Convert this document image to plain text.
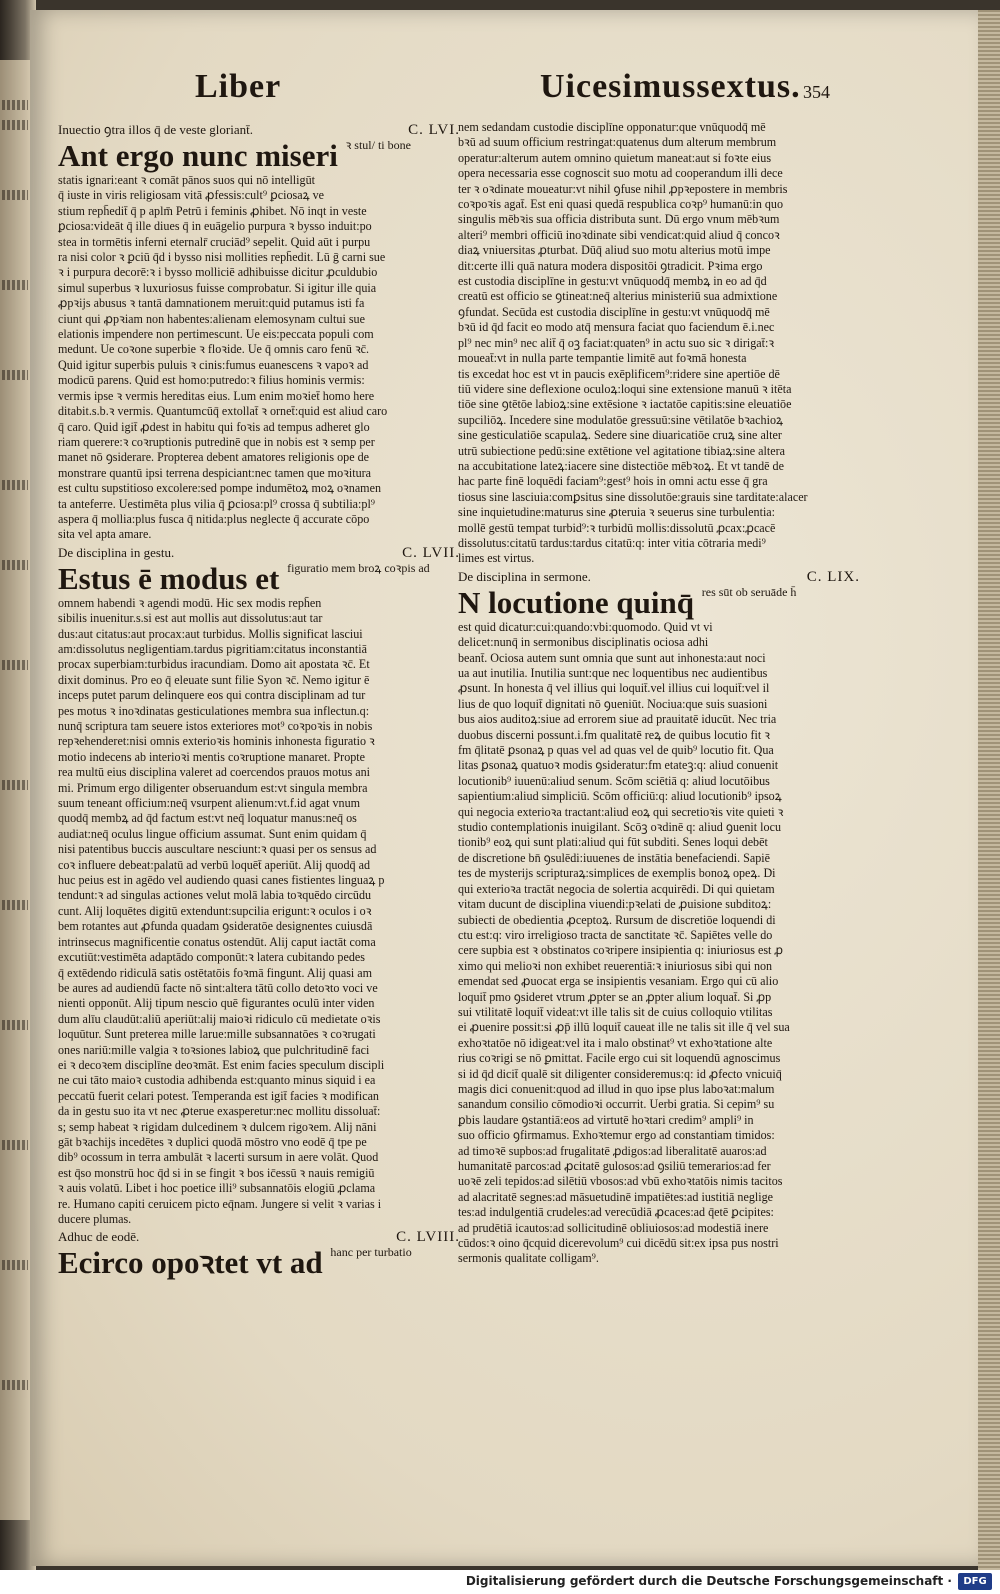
Liber	Uicesimussextus. 354
Inuectio ꝯtra illos q̄ de veste gloriant̄.	C. LVI.

Ant ergo nunc miseri ꝛ stul/ ti bone

statis ignari:eant ꝛ comāt pānos suos qui nō intelligūt

q̄ iuste in viris religiosam vitā ꝓfessis:cult⁹ ꝑciosaꝝ ve

stium reph̄edit̄ q̄ p aplm̄ Petrū i feminis ꝓhibet. Nō inqt in veste

ꝑciosa:videāt q̄ ille diues q̄ in euāgelio purpura ꝛ bysso induit:po

stea in tormētis inferni eternalr̄ cruciād⁹ sepelit. Quid aūt i purpu

ra nisi color ꝛ ꝑciū q̄d i bysso nisi mollities reph̄edit. Lū ḡ carni sue

ꝛ i purpura decorē:ꝛ i bysso molliciē adhibuisse dicitur ꝓculdubio

simul superbus ꝛ luxuriosus fuisse comprobatur. Si igitur ille quia

ꝓpꝛijs abusus ꝛ tantā damnationem meruit:quid putamus isti fa

ciunt qui ꝓpꝛiam non habentes:alienam elemosynam cultui sue

elationis impendere non pertimescunt. Ue eis:peccata populi com

medunt. Ue coꝛone superbie ꝛ floꝛide. Ue q̄ omnis caro fenū ꝛc̄.

Quid igitur superbis puluis ꝛ cinis:fumus euanescens ꝛ vapoꝛ ad

modicū parens. Quid est homo:putredo:ꝛ filius hominis vermis:

vermis ipse ꝛ vermis hereditas eius. Lum enim moꝛiet̄ homo here

ditabit.s.b.ꝛ vermis. Quantumcūq̄ extollat̄ ꝛ ornet̄:quid est aliud caro

q̄ caro. Quid igit̄ ꝓdest in habitu qui foꝛis ad tempus adheret glo

riam querere:ꝛ coꝛruptionis putredinē que in nobis est ꝛ semp per

manet nō ꝯsiderare. Propterea debent amatores religionis ope de

monstrare quantū ipsi terrena despiciant:nec tamen que moꝛitura

est cultu supstitioso excolere:sed pompe indumētoꝝ moꝝ oꝛnamen

ta anteferre. Uestimēta plus vilia q̄ ꝑciosa:pl⁹ crossa q̄ subtilia:pl⁹

aspera q̄ mollia:plus fusca q̄ nitida:plus neglecte q̄ accurate cōpo

sita vel apta amare.

De disciplina in gestu.	C. LVII.

Estus ē modus et figuratio mem broꝝ coꝛpis ad

omnem habendi ꝛ agendi modū. Hic sex modis reph̄en

sibilis inuenitur.s.si est aut mollis aut dissolutus:aut tar

dus:aut citatus:aut procax:aut turbidus. Mollis significat lasciui

am:dissolutus negligentiam.tardus pigritiam:citatus inconstantiā

procax superbiam:turbidus iracundiam. Domo ait apostata ꝛc̄. Et

dixit dominus. Pro eo q̄ eleuate sunt filie Syon ꝛc̄. Nemo igitur ē

inceps putet parum delinquere eos qui contra disciplinam ad tur

pes motus ꝛ inoꝛdinatas gesticulationes membra sua inflectun.q:

nunq̄ scriptura tam seuere istos exteriores mot⁹ coꝛpoꝛis in nobis

repꝛehenderet:nisi omnis exterioꝛis hominis inhonesta figuratio ꝛ

motio indecens ab interioꝛi mentis coꝛruptione manaret. Propte

rea multū eius disciplina valeret ad coercendos prauos motus ani

mi. Primum ergo diligenter obseruandum est:vt singula membra

suum teneant officium:neq̄ vsurpent alienum:vt.f.id agat vnum

quodq̄ membꝝ ad q̄d factum est:vt neq̄ loquatur manus:neq̄ os

audiat:neq̄ oculus lingue officium assumat. Sunt enim quidam q̄

nisi patentibus buccis auscultare nesciunt:ꝛ quasi per os sensus ad

coꝛ influere debeat:palatū ad verbū loquēt̄ aperiūt. Alij quodq̄ ad

huc peius est in agēdo vel audiendo quasi canes fistientes linguaꝝ p

tendunt:ꝛ ad singulas actiones velut molā labia toꝛquēdo circūdu

cunt. Alij loquētes digitū extendunt:supcilia erigunt:ꝛ oculos i oꝛ

bem rotantes aut ꝓfunda quadam ꝯsideratōe designentes cuiusdā

intrinsecus magnificentie conatus ostendūt. Alij caput iactāt coma

excutiūt:vestimēta adaptādo componūt:ꝛ latera cubitando pedes

q̄ extēdendo ridiculā satis ostētatōis foꝛmā fingunt. Alij quasi am

be aures ad audiendū facte nō sint:altera tātū collo detoꝛto voci ve

nienti opponūt. Alij tipum nescio quē figurantes oculū inter viden

dum alīu claudūt:aliū aperiūt:alij maioꝛi ridiculo cū medietate oꝛis

loquūtur. Sunt preterea mille larue:mille subsannatōes ꝛ coꝛrugati

ones nariū:mille valgia ꝛ toꝛsiones labioꝝ que pulchritudinē faci

ei ꝛ decoꝛem disciplīne deoꝛmāt. Est enim facies speculum discipli

ne cui tāto maioꝛ custodia adhibenda est:quanto minus siquid i ea

peccatū fuerit celari potest. Temperanda est igit̄ facies ꝛ modifican

da in gestu suo ita vt nec ꝓterue exasperetur:nec mollitu dissoluat̄:

s; semp habeat ꝛ rigidam dulcedinem ꝛ dulcem rigoꝛem. Alij nāni

gāt bꝛachijs incedētes ꝛ duplici quodā mōstro vno eodē q̄ tpe pe

dib⁹ ocossum in terra ambulāt ꝛ lacerti sursum in aere volāt. Quod

est q̄so monstrū hoc q̄d si in se fingit ꝛ bos ic̄essū ꝛ nauis remigiū

ꝛ auis volatū. Libet i hoc poetice illi⁹ subsannatōis elogiū ꝓclama

re. Humano capiti ceruicem picto eq̄nam. Jungere si velit ꝛ varias i

ducere plumas.

Adhuc de eodē.	C. LVIII.

Ecirco opoꝛtet vt ad hanc per turbatio

nem sedandam custodie disciplīne opponatur:que vnūquodq̄ mē

bꝛū ad suum officium restringat:quatenus dum alterum membrum

operatur:alterum autem omnino quietum maneat:aut si foꝛte eius

opera necessaria esse cognoscit suo motu ad cooperandum illi dece

ter ꝛ oꝛdinate moueatur:vt nihil ꝯfuse nihil ꝓpꝛepostere in membris

coꝛpoꝛis agat̄. Est eni quasi quedā respublica coꝛp⁹ humanū:in quo

singulis mēbꝛis sua officia distributa sunt. Dū ergo vnum mēbꝛum

alteri⁹ membri officiū inoꝛdinate sibi vendicat:quid aliud q̄ concoꝛ

diaꝝ vniuersitas ꝓturbat. Dūq̄ aliud suo motu alterius motū impe

dit:certe illi quā natura modera dispositōi ꝯtradicit. Pꝛima ergo

est custodia disciplīne in gestu:vt vnūquodq̄ membꝝ in eo ad q̄d

creatū est officio se ꝯtineat:neq̄ alterius ministeriū sua admixtione

ꝯfundat. Secūda est custodia disciplīne in gestu:vt vnūquodq̄ mē

bꝛū id q̄d facit eo modo atq̄ mensura faciat quo faciendum ē.i.nec

pl⁹ nec min⁹ nec alit̄ q̄ oꝫ faciat:quaten⁹ in actu suo sic ꝛ dirigat̄:ꝛ

moueat̄:vt in nulla parte tempantie limitē aut foꝛmā honesta

tis excedat hoc est vt in paucis exēplificem⁹:ridere sine apertiōe dē

tiū videre sine deflexione oculoꝝ:loqui sine extensione manuū ꝛ itēta

tiōe sine ꝯtētōe labioꝝ:sine extēsione ꝛ iactatōe capitis:sine eleuatiōe

supciliōꝝ. Incedere sine modulatōe gressuū:sine vētilatōe bꝛachioꝝ

sine gesticulatiōe scapulaꝝ. Sedere sine diuaricatiōe cruꝝ sine alter

utrū subiectione pedū:sine extētione vel agitatione tibiaꝝ:sine altera

na accubitatione lateꝝ:iacere sine distectiōe mēbꝛoꝝ. Et vt tandē de

hac parte finē loquēdi faciam⁹:gest⁹ hois in omni actu esse q̄ gra

tiosus sine lasciuia:comꝑsitus sine dissolutōe:grauis sine tarditate:alacer

sine inquietudine:maturus sine ꝓteruia ꝛ seuerus sine turbulentia:

mollē gestū tempat turbid⁹:ꝛ turbidū mollis:dissolutū ꝓcax:ꝓcacē

dissolutus:citatū tardus:tardus citatū:q: inter vitia cōtraria medi⁹

limes est virtus.

De disciplina in sermone.	C. LIX.

N locutione quinq̄ res sūt ob seruāde h̄

est quid dicatur:cui:quando:vbi:quomodo. Quid vt vi

delicet:nunq̄ in sermonibus disciplinatis ociosa adhi

beant̄. Ociosa autem sunt omnia que sunt aut inhonesta:aut noci

ua aut inutilia. Inutilia sunt:que nec loquentibus nec audientibus

ꝓsunt. In honesta q̄ vel illius qui loquit̄.vel illius cui loquit̄:vel il

lius de quo loquit̄ dignitati nō ꝯueniūt. Nociua:que suis suasioni

bus aios auditoꝝ:siue ad errorem siue ad prauitatē iducūt. Nec tria

duobus discerni possunt.i.fm qualitatē reꝝ de quibus locutio fit ꝛ

fm q̄litatē ꝑsonaꝝ p quas vel ad quas vel de quib⁹ locutio fit. Qua

litas ꝑsonaꝝ quatuoꝛ modis ꝯsideratur:fm etateꝫ:q: aliud conuenit

locutionib⁹ iuuenū:aliud senum. Scōm sciētiā q: aliud locutōibus

sapientium:aliud simpliciū. Scōm officiū:q: aliud locutionib⁹ ipsoꝝ

qui negocia exterioꝛa tractant:aliud eoꝝ qui secretioꝛis vite quieti ꝛ

studio contemplationis inuigilant. Scōꝫ oꝛdinē q: aliud ꝯuenit locu

tionib⁹ eoꝝ qui sunt plati:aliud qui fūt subditi. Senes loqui debēt

de discretione bn̄ ꝯsulēdi:iuuenes de instātia benefaciendi. Sapiē

tes de mysterijs scripturaꝝ:simplices de exemplis bonoꝝ opeꝝ. Di

qui exterioꝛa tractāt negocia de solertia acquirēdi. Di qui quietam

vitam ducunt de disciplina viuendi:pꝛelati de ꝓuisione subditoꝝ:

subiecti de obedientia ꝓceptoꝝ. Rursum de discretiōe loquendi di

ctu est:q: viro irreligioso tracta de sanctitate ꝛc̄. Sapiētes velle do

cere supbia est ꝛ obstinatos coꝛripere insipientia q: iniuriosus est ꝓ

ximo qui melioꝛi non exhibet reuerentiā:ꝛ iniuriosus sibi qui non

emendat sed ꝓuocat erga se insipientis vesaniam. Ergo qui cū alio

loquit̄ pmo ꝯsideret vtrum ꝓpter se an ꝓpter alium loquat̄. Si ꝓp

sui vtilitatē loquit̄ videat:vt ille talis sit de cuius colloquio vtilitas

ei ꝓuenire possit:si ꝓp̄ illū loquit̄ caueat ille ne talis sit ille q̄ vel sua

exhoꝛtatōe nō idigeat:vel ita i malo obstinat⁹ vt exhoꝛtatione alte

rius coꝛrigi se nō ꝑmittat. Facile ergo cui sit loquendū agnoscimus

si id q̄d dicit̄ qualē sit diligenter consideremus:q: id ꝓfecto vnicuiq̄

magis dici conuenit:quod ad illud in quo ipse plus laboꝛat:malum

sanandum consilio cōmodioꝛi occurrit. Uerbi gratia. Si cepim⁹ su

ꝑbis laudare ꝯstantiā:eos ad virtutē hoꝛtari credim⁹ ampli⁹ in

suo officio ꝯfirmamus. Exhoꝛtemur ergo ad constantiam timidos:

ad timoꝛē supbos:ad frugalitatē ꝓdigos:ad liberalitatē auaros:ad

humanitatē parcos:ad ꝓcitatē gulosos:ad ꝯsiliū temerarios:ad fer

uoꝛē zeli tepidos:ad silētiū vbosos:ad vbū exhoꝛtatōis nimis tacitos

ad alacritatē segnes:ad māsuetudinē impatiētes:ad iustitiā neglige

tes:ad indulgentiā crudeles:ad verecūdiā ꝓcaces:ad q̄etē ꝑcipites:

ad prudētiā icautos:ad sollicitudinē obliuiosos:ad modestiā inere

cūdos:ꝛ oino q̄cquid dicerevolum⁹ cui dicēdū sit:ex ipsa pus nostri

sermonis qualitate colligam⁹.

Digitalisierung gefördert durch die Deutsche Forschungsgemeinschaft ·	DFG
